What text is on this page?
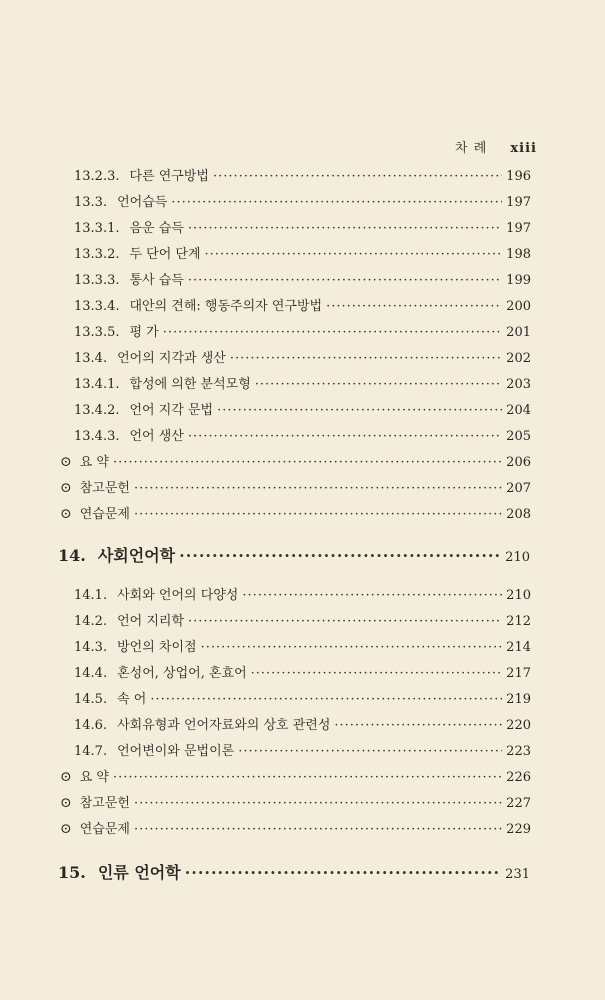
차 례 xiii
13.2.3. 다른 연구방법 ·····	196
13.3. 언어습득 ·····	197
13.3.1. 음운 습득 ·····	197
13.3.2. 두 단어 단계 ·····	198
13.3.3. 통사 습득 ·····	199
13.3.4. 대안의 견해: 행동주의자 연구방법 ·····	200
13.3.5. 평 가 ·····	201
13.4. 언어의 지각과 생산 ·····	202
13.4.1. 합성에 의한 분석모형 ·····	203
13.4.2. 언어 지각 문법 ·····	204
13.4.3. 언어 생산 ·····	205
⊙ 요 약 ·····	206
⊙ 참고문헌 ·····	207
⊙ 연습문제 ·····	208
14. 사회언어학 ·····	210
14.1. 사회와 언어의 다양성 ·····	210
14.2. 언어 지리학 ·····	212
14.3. 방언의 차이점 ·····	214
14.4. 혼성어, 상업어, 혼효어 ·····	217
14.5. 속 어 ·····	219
14.6. 사회유형과 언어자료와의 상호 관련성 ·····	220
14.7. 언어변이와 문법이론 ·····	223
⊙ 요 약 ·····	226
⊙ 참고문헌 ·····	227
⊙ 연습문제 ·····	229
15. 인류 언어학 ·····	231
